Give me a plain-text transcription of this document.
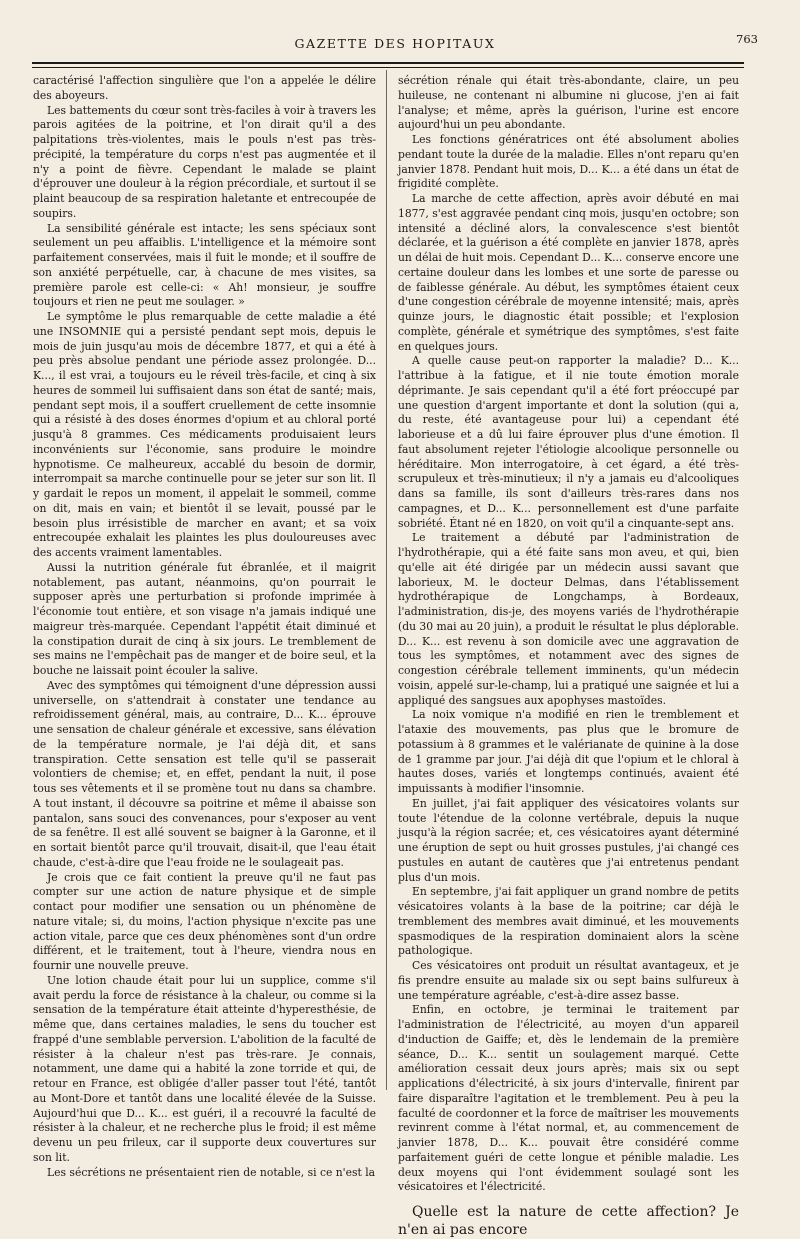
GAZETTE DES HOPITAUX	763

caractérisé l'affection singulière que l'on a appelée le délire des aboyeurs.

Les battements du cœur sont très-faciles à voir à travers les parois agitées de la poitrine, et l'on dirait qu'il a des palpitations très-violentes, mais le pouls n'est pas très-précipité, la température du corps n'est pas augmentée et il n'y a point de fièvre. Cependant le malade se plaint d'éprouver une douleur à la région précordiale, et surtout il se plaint beaucoup de sa respiration haletante et entrecoupée de soupirs.

La sensibilité générale est intacte; les sens spéciaux sont seulement un peu affaiblis. L'intelligence et la mémoire sont parfaitement conservées, mais il fuit le monde; et il souffre de son anxiété perpétuelle, car, à chacune de mes visites, sa première parole est celle-ci: « Ah! monsieur, je souffre toujours et rien ne peut me soulager. »

Le symptôme le plus remarquable de cette maladie a été une INSOMNIE qui a persisté pendant sept mois, depuis le mois de juin jusqu'au mois de décembre 1877, et qui a été à peu près absolue pendant une période assez prolongée. D... K..., il est vrai, a toujours eu le réveil très-facile, et cinq à six heures de sommeil lui suffisaient dans son état de santé; mais, pendant sept mois, il a souffert cruellement de cette insomnie qui a résisté à des doses énormes d'opium et au chloral porté jusqu'à 8 grammes. Ces médicaments produisaient leurs inconvénients sur l'économie, sans produire le moindre hypnotisme. Ce malheureux, accablé du besoin de dormir, interrompait sa marche continuelle pour se jeter sur son lit. Il y gardait le repos un moment, il appelait le sommeil, comme on dit, mais en vain; et bientôt il se levait, poussé par le besoin plus irrésistible de marcher en avant; et sa voix entrecoupée exhalait les plaintes les plus douloureuses avec des accents vraiment lamentables.

Aussi la nutrition générale fut ébranlée, et il maigrit notablement, pas autant, néanmoins, qu'on pourrait le supposer après une perturbation si profonde imprimée à l'économie tout entière, et son visage n'a jamais indiqué une maigreur très-marquée. Cependant l'appétit était diminué et la constipation durait de cinq à six jours. Le tremblement de ses mains ne l'empêchait pas de manger et de boire seul, et la bouche ne laissait point écouler la salive.

Avec des symptômes qui témoignent d'une dépression aussi universelle, on s'attendrait à constater une tendance au refroidissement général, mais, au contraire, D... K... éprouve une sensation de chaleur générale et excessive, sans élévation de la température normale, je l'ai déjà dit, et sans transpiration. Cette sensation est telle qu'il se passerait volontiers de chemise; et, en effet, pendant la nuit, il pose tous ses vêtements et il se promène tout nu dans sa chambre. A tout instant, il découvre sa poitrine et même il abaisse son pantalon, sans souci des convenances, pour s'exposer au vent de sa fenêtre. Il est allé souvent se baigner à la Garonne, et il en sortait bientôt parce qu'il trouvait, disait-il, que l'eau était chaude, c'est-à-dire que l'eau froide ne le soulageait pas.

Je crois que ce fait contient la preuve qu'il ne faut pas compter sur une action de nature physique et de simple contact pour modifier une sensation ou un phénomène de nature vitale; si, du moins, l'action physique n'excite pas une action vitale, parce que ces deux phénomènes sont d'un ordre différent, et le traitement, tout à l'heure, viendra nous en fournir une nouvelle preuve.

Une lotion chaude était pour lui un supplice, comme s'il avait perdu la force de résistance à la chaleur, ou comme si la sensation de la température était atteinte d'hyperesthésie, de même que, dans certaines maladies, le sens du toucher est frappé d'une semblable perversion. L'abolition de la faculté de résister à la chaleur n'est pas très-rare. Je connais, notamment, une dame qui a habité la zone torride et qui, de retour en France, est obligée d'aller passer tout l'été, tantôt au Mont-Dore et tantôt dans une localité élevée de la Suisse. Aujourd'hui que D... K... est guéri, il a recouvré la faculté de résister à la chaleur, et ne recherche plus le froid; il est même devenu un peu frileux, car il supporte deux couvertures sur son lit.

Les sécrétions ne présentaient rien de notable, si ce n'est la

sécrétion rénale qui était très-abondante, claire, un peu huileuse, ne contenant ni albumine ni glucose, j'en ai fait l'analyse; et même, après la guérison, l'urine est encore aujourd'hui un peu abondante.

Les fonctions génératrices ont été absolument abolies pendant toute la durée de la maladie. Elles n'ont reparu qu'en janvier 1878. Pendant huit mois, D... K... a été dans un état de frigidité complète.

La marche de cette affection, après avoir débuté en mai 1877, s'est aggravée pendant cinq mois, jusqu'en octobre; son intensité a décliné alors, la convalescence s'est bientôt déclarée, et la guérison a été complète en janvier 1878, après un délai de huit mois. Cependant D... K... conserve encore une certaine douleur dans les lombes et une sorte de paresse ou de faiblesse générale. Au début, les symptômes étaient ceux d'une congestion cérébrale de moyenne intensité; mais, après quinze jours, le diagnostic était possible; et l'explosion complète, générale et symétrique des symptômes, s'est faite en quelques jours.

A quelle cause peut-on rapporter la maladie? D... K... l'attribue à la fatigue, et il nie toute émotion morale déprimante. Je sais cependant qu'il a été fort préoccupé par une question d'argent importante et dont la solution (qui a, du reste, été avantageuse pour lui) a cependant été laborieuse et a dû lui faire éprouver plus d'une émotion. Il faut absolument rejeter l'étiologie alcoolique personnelle ou héréditaire. Mon interrogatoire, à cet égard, a été très-scrupuleux et très-minutieux; il n'y a jamais eu d'alcooliques dans sa famille, ils sont d'ailleurs très-rares dans nos campagnes, et D... K... personnellement est d'une parfaite sobriété. Étant né en 1820, on voit qu'il a cinquante-sept ans.

Le traitement a débuté par l'administration de l'hydrothérapie, qui a été faite sans mon aveu, et qui, bien qu'elle ait été dirigée par un médecin aussi savant que laborieux, M. le docteur Delmas, dans l'établissement hydrothérapique de Longchamps, à Bordeaux, l'administration, dis-je, des moyens variés de l'hydrothérapie (du 30 mai au 20 juin), a produit le résultat le plus déplorable. D... K... est revenu à son domicile avec une aggravation de tous les symptômes, et notamment avec des signes de congestion cérébrale tellement imminents, qu'un médecin voisin, appelé sur-le-champ, lui a pratiqué une saignée et lui a appliqué des sangsues aux apophyses mastoïdes.

La noix vomique n'a modifié en rien le tremblement et l'ataxie des mouvements, pas plus que le bromure de potassium à 8 grammes et le valérianate de quinine à la dose de 1 gramme par jour. J'ai déjà dit que l'opium et le chloral à hautes doses, variés et longtemps continués, avaient été impuissants à modifier l'insomnie.

En juillet, j'ai fait appliquer des vésicatoires volants sur toute l'étendue de la colonne vertébrale, depuis la nuque jusqu'à la région sacrée; et, ces vésicatoires ayant déterminé une éruption de sept ou huit grosses pustules, j'ai changé ces pustules en autant de cautères que j'ai entretenus pendant plus d'un mois.

En septembre, j'ai fait appliquer un grand nombre de petits vésicatoires volants à la base de la poitrine; car déjà le tremblement des membres avait diminué, et les mouvements spasmodiques de la respiration dominaient alors la scène pathologique.

Ces vésicatoires ont produit un résultat avantageux, et je fis prendre ensuite au malade six ou sept bains sulfureux à une température agréable, c'est-à-dire assez basse.

Enfin, en octobre, je terminai le traitement par l'administration de l'électricité, au moyen d'un appareil d'induction de Gaiffe; et, dès le lendemain de la première séance, D... K... sentit un soulagement marqué. Cette amélioration cessait deux jours après; mais six ou sept applications d'électricité, à six jours d'intervalle, finirent par faire disparaître l'agitation et le tremblement. Peu à peu la faculté de coordonner et la force de maîtriser les mouvements revinrent comme à l'état normal, et, au commencement de janvier 1878, D... K... pouvait être considéré comme parfaitement guéri de cette longue et pénible maladie. Les deux moyens qui l'ont évidemment soulagé sont les vésicatoires et l'électricité.

Quelle est la nature de cette affection? Je n'en ai pas encore
